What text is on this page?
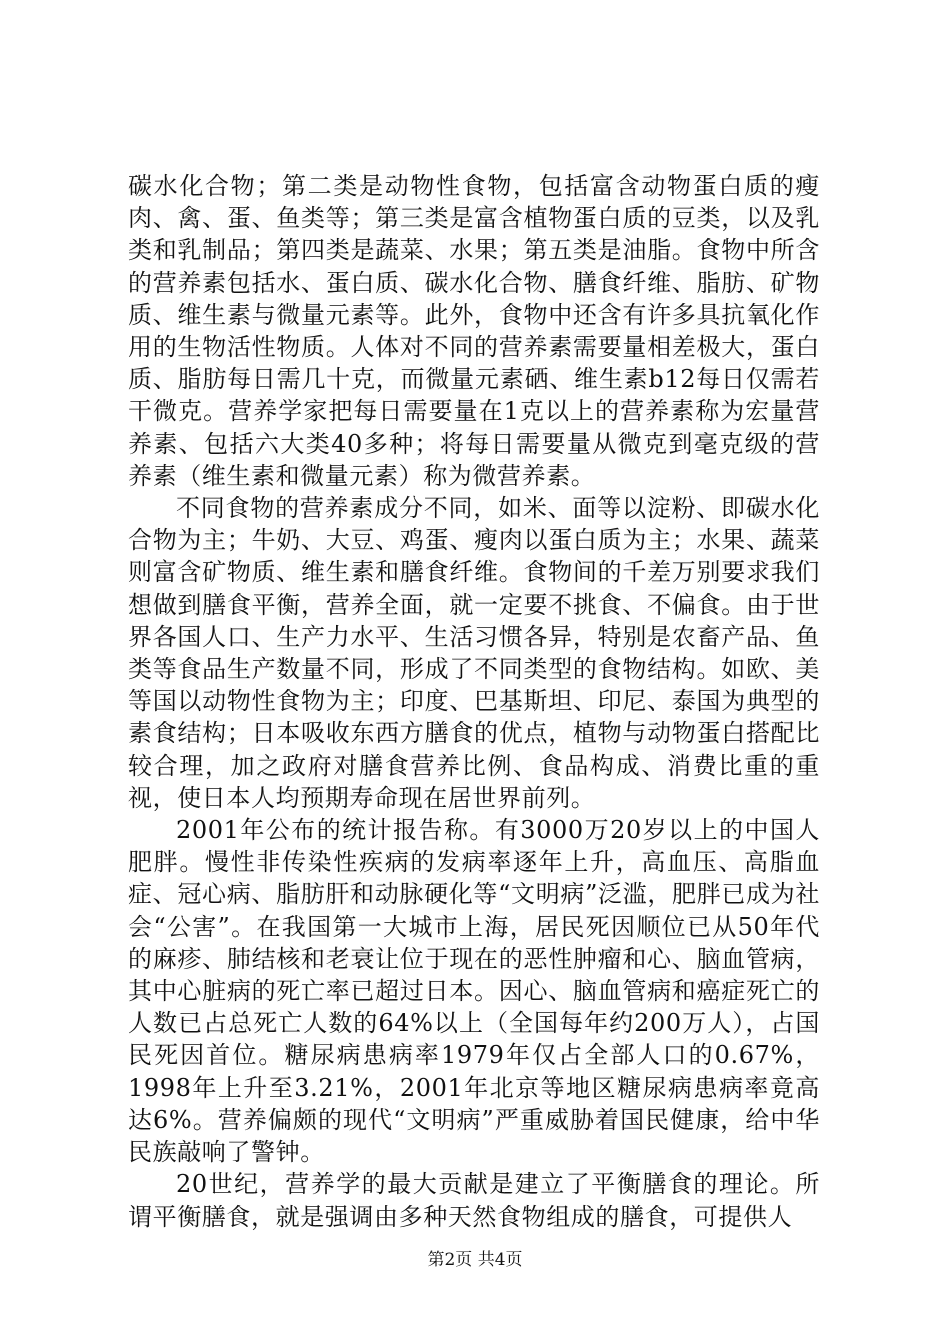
碳水化合物；第二类是动物性食物，包括富含动物蛋白质的瘦肉、禽、蛋、鱼类等；第三类是富含植物蛋白质的豆类，以及乳类和乳制品；第四类是蔬菜、水果；第五类是油脂。食物中所含的营养素包括水、蛋白质、碳水化合物、膳食纤维、脂肪、矿物质、维生素与微量元素等。此外，食物中还含有许多具抗氧化作用的生物活性物质。人体对不同的营养素需要量相差极大，蛋白质、脂肪每日需几十克，而微量元素硒、维生素b12每日仅需若干微克。营养学家把每日需要量在1克以上的营养素称为宏量营养素、包括六大类40多种；将每日需要量从微克到毫克级的营养素（维生素和微量元素）称为微营养素。

不同食物的营养素成分不同，如米、面等以淀粉、即碳水化合物为主；牛奶、大豆、鸡蛋、瘦肉以蛋白质为主；水果、蔬菜则富含矿物质、维生素和膳食纤维。食物间的千差万别要求我们想做到膳食平衡，营养全面，就一定要不挑食、不偏食。由于世界各国人口、生产力水平、生活习惯各异，特别是农畜产品、鱼类等食品生产数量不同，形成了不同类型的食物结构。如欧、美等国以动物性食物为主；印度、巴基斯坦、印尼、泰国为典型的素食结构；日本吸收东西方膳食的优点，植物与动物蛋白搭配比较合理，加之政府对膳食营养比例、食品构成、消费比重的重视，使日本人均预期寿命现在居世界前列。

2001年公布的统计报告称。有3000万20岁以上的中国人肥胖。慢性非传染性疾病的发病率逐年上升，高血压、高脂血症、冠心病、脂肪肝和动脉硬化等“文明病”泛滥，肥胖已成为社会“公害”。在我国第一大城市上海，居民死因顺位已从50年代的麻疹、肺结核和老衰让位于现在的恶性肿瘤和心、脑血管病，其中心脏病的死亡率已超过日本。因心、脑血管病和癌症死亡的人数已占总死亡人数的64%以上（全国每年约200万人），占国民死因首位。糖尿病患病率1979年仅占全部人口的0.67%，1998年上升至3.21%，2001年北京等地区糖尿病患病率竟高达6%。营养偏颇的现代“文明病”严重威胁着国民健康，给中华民族敲响了警钟。

20世纪，营养学的最大贡献是建立了平衡膳食的理论。所谓平衡膳食，就是强调由多种天然食物组成的膳食，可提供人

第2页 共4页
